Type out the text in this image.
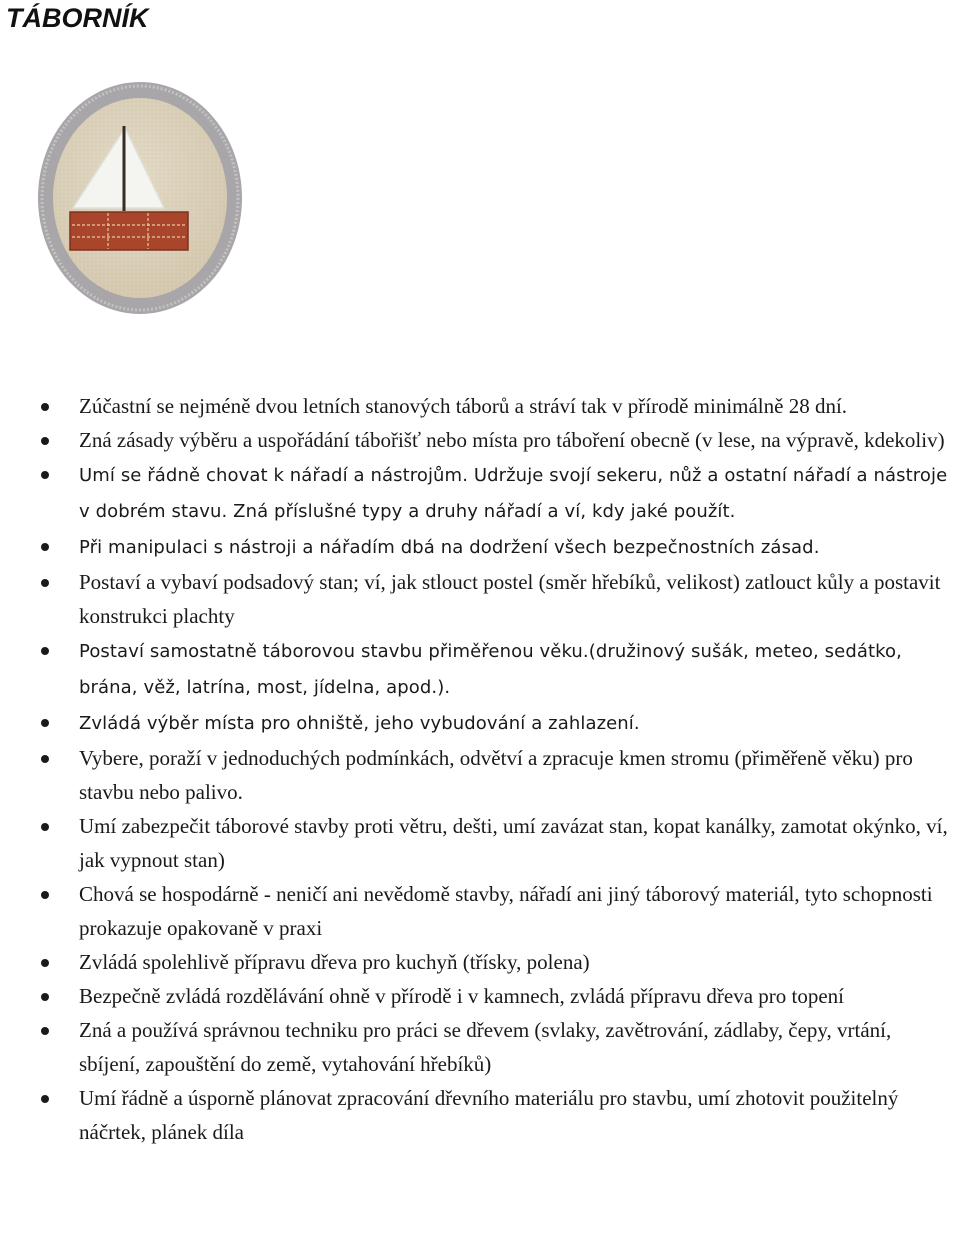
TÁBORNÍK
Zúčastní se nejméně dvou letních stanových táborů a stráví tak v přírodě minimálně 28 dní.
Zná zásady výběru a uspořádání tábořišť nebo místa pro táboření obecně (v lese, na výpravě, kdekoliv)
Umí se řádně chovat k nářadí a nástrojům. Udržuje svojí sekeru, nůž a ostatní nářadí a nástroje v dobrém stavu. Zná příslušné typy a druhy nářadí a ví, kdy jaké použít.
Při manipulaci s nástroji a nářadím dbá na dodržení všech bezpečnostních zásad.
Postaví a vybaví podsadový stan; ví, jak stlouct postel (směr hřebíků, velikost) zatlouct kůly a postavit konstrukci plachty
Postaví samostatně táborovou stavbu přiměřenou věku.(družinový sušák, meteo, sedátko, brána, věž, latrína, most, jídelna, apod.).
Zvládá výběr místa pro ohniště, jeho vybudování a zahlazení.
Vybere, poraží v jednoduchých podmínkách, odvětví a zpracuje kmen stromu (přiměřeně věku) pro stavbu nebo palivo.
Umí zabezpečit táborové stavby proti větru, dešti, umí zavázat stan, kopat kanálky, zamotat okýnko, ví, jak vypnout stan)
Chová se hospodárně - neničí ani nevědomě stavby, nářadí ani jiný táborový materiál, tyto schopnosti prokazuje opakovaně v praxi
Zvládá spolehlivě přípravu dřeva pro kuchyň (třísky, polena)
Bezpečně zvládá rozdělávání ohně v přírodě i v kamnech, zvládá přípravu dřeva pro topení
Zná a používá správnou techniku pro práci se dřevem (svlaky, zavětrování, zádlaby, čepy, vrtání, sbíjení, zapouštění do země, vytahování hřebíků)
Umí řádně a úsporně plánovat zpracování dřevního materiálu pro stavbu, umí zhotovit použitelný náčrtek, plánek díla
